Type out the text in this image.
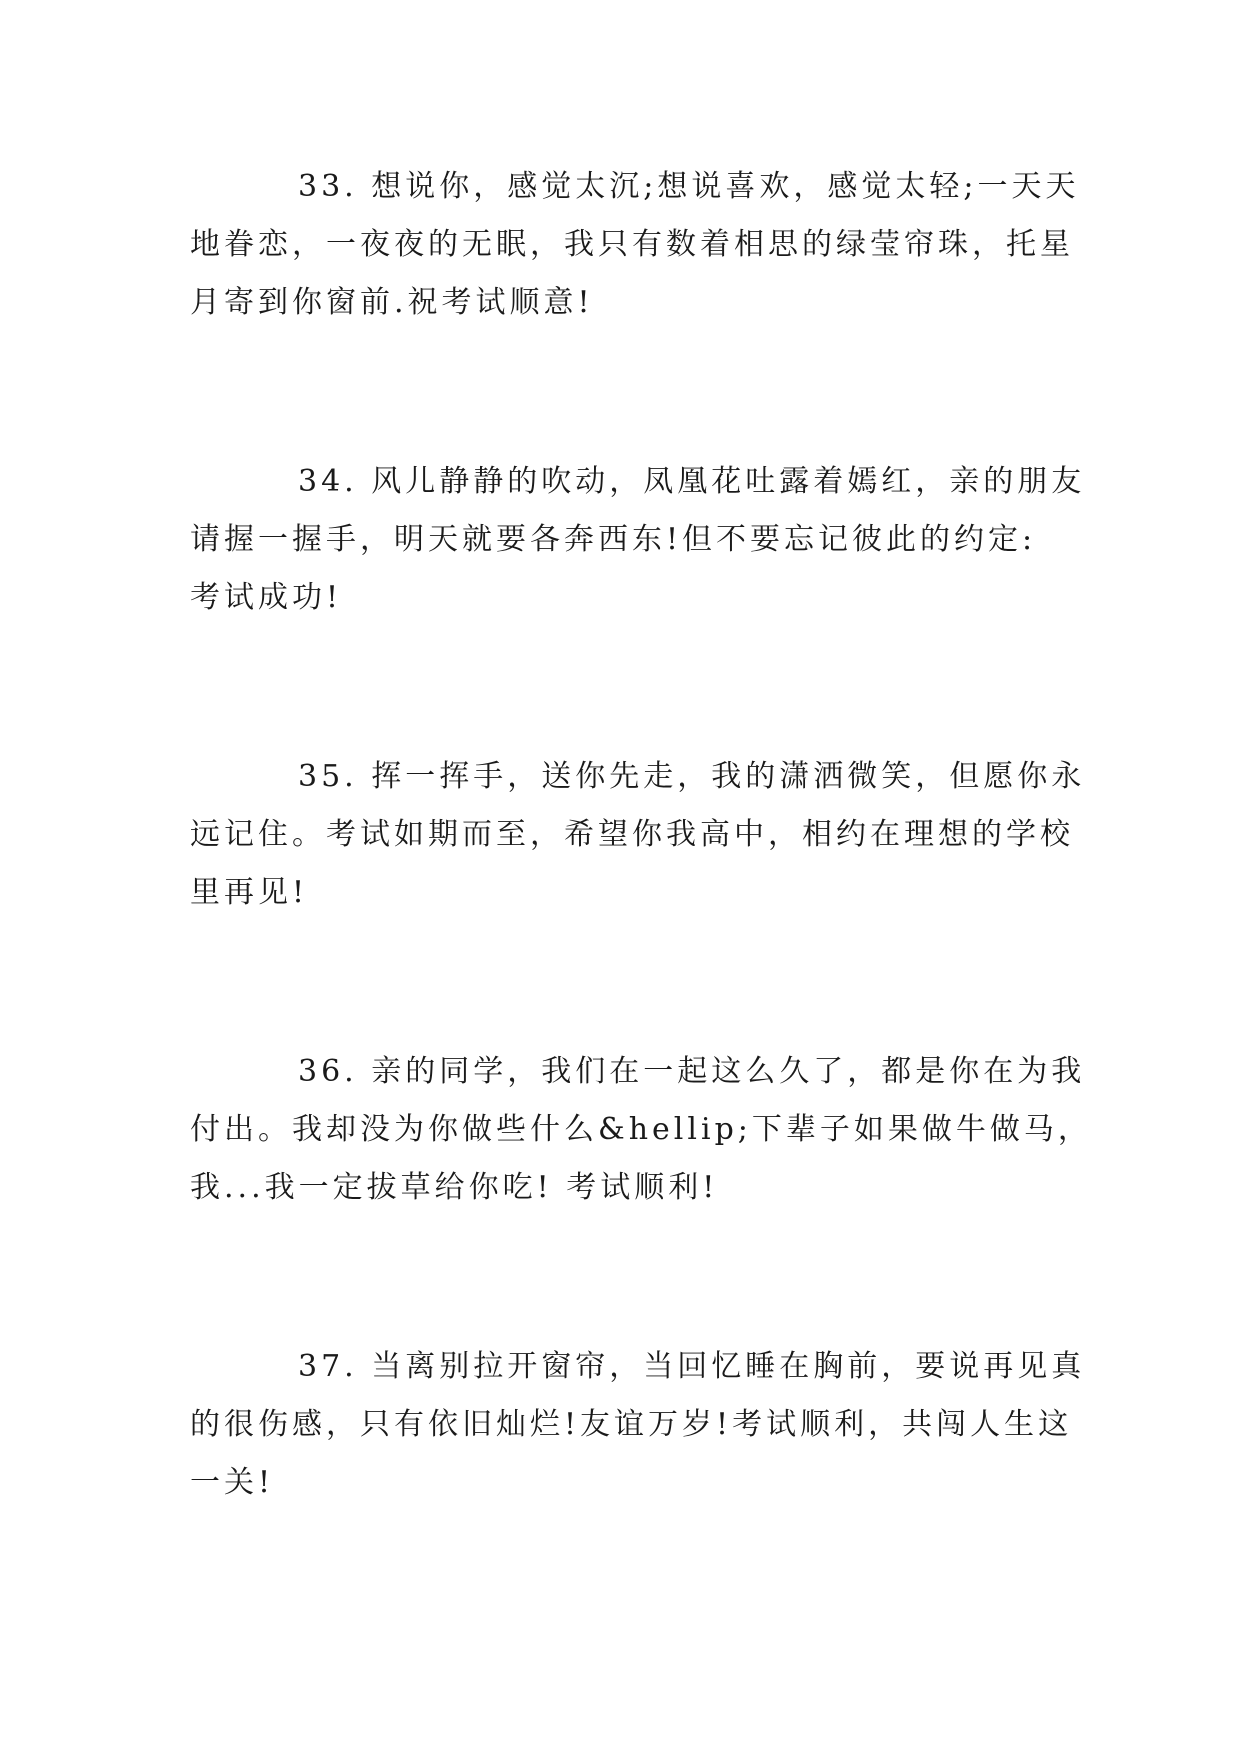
33. 想说你，感觉太沉;想说喜欢，感觉太轻;一天天
地眷恋，一夜夜的无眠，我只有数着相思的绿莹帘珠，托星
月寄到你窗前.祝考试顺意!
34. 风儿静静的吹动，凤凰花吐露着嫣红，亲的朋友
请握一握手，明天就要各奔西东!但不要忘记彼此的约定:
考试成功!
35. 挥一挥手，送你先走，我的潇洒微笑，但愿你永
远记住。考试如期而至，希望你我高中，相约在理想的学校
里再见!
36. 亲的同学，我们在一起这么久了，都是你在为我
付出。我却没为你做些什么&hellip;下辈子如果做牛做马，
我...我一定拔草给你吃! 考试顺利!
37. 当离别拉开窗帘，当回忆睡在胸前，要说再见真
的很伤感，只有依旧灿烂!友谊万岁!考试顺利，共闯人生这
一关!
